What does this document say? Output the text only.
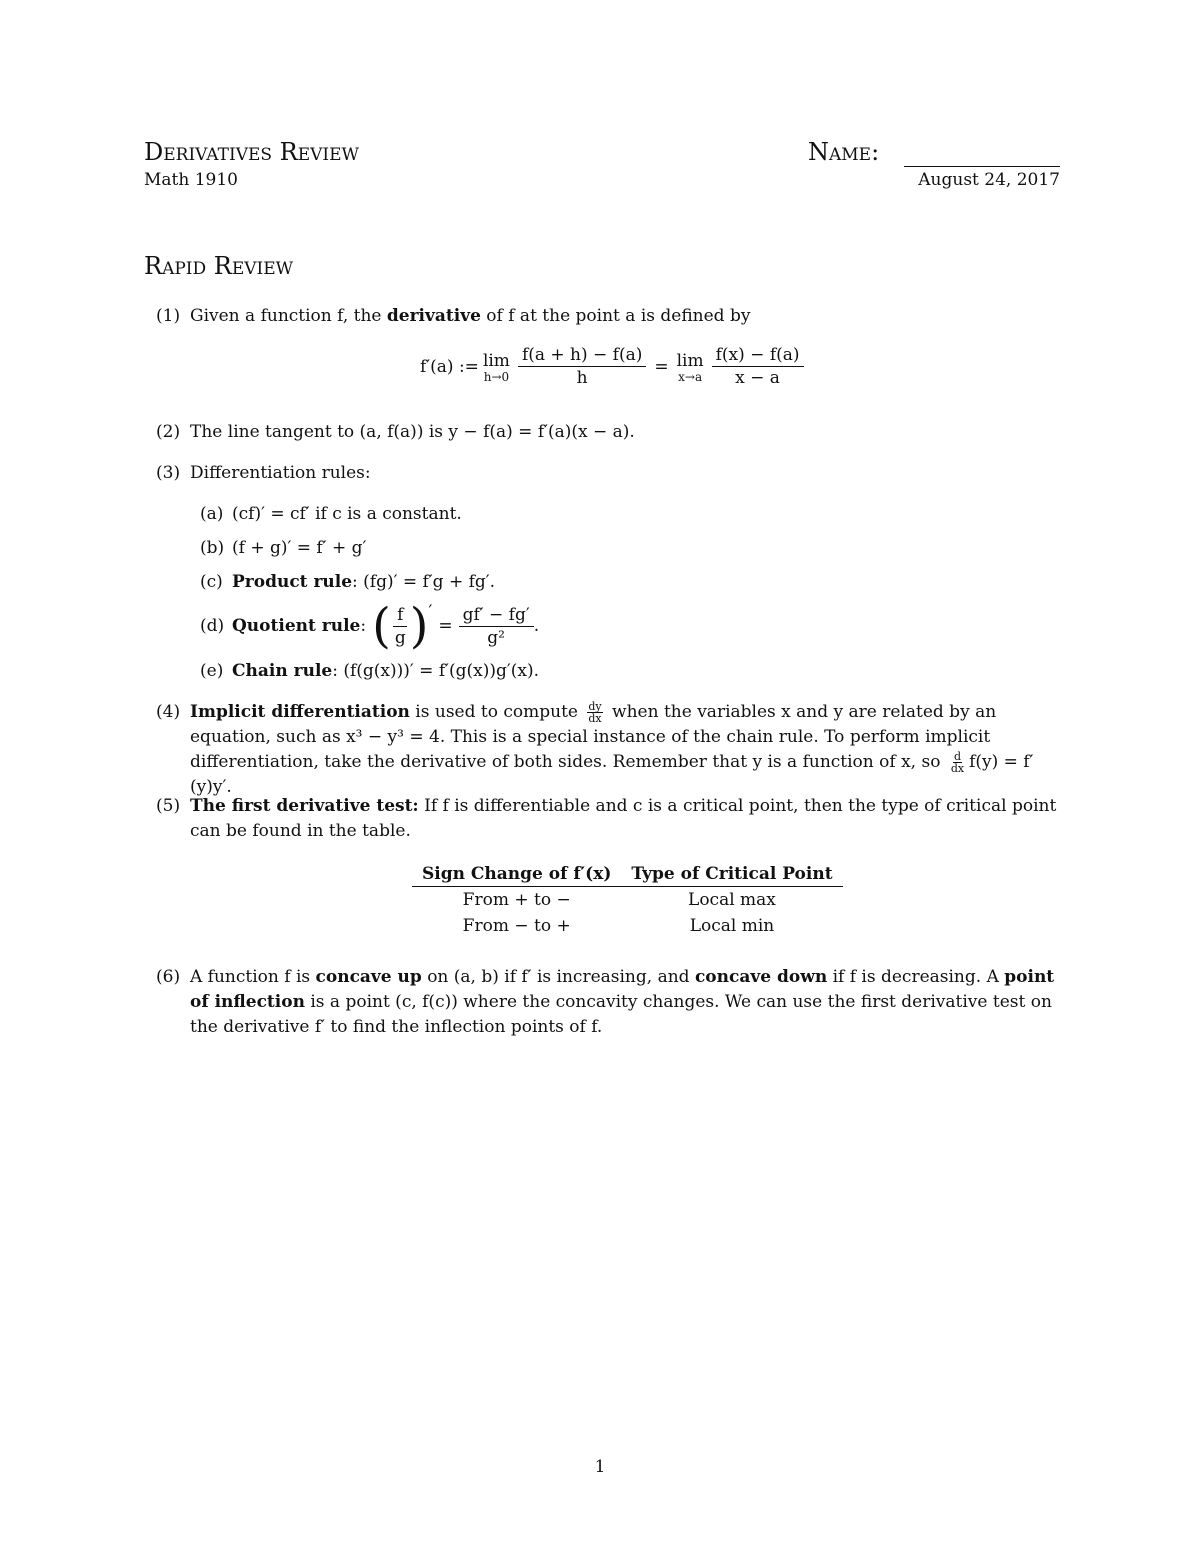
Derivatives Review	Name:
Math 1910	August 24, 2017
Rapid Review
(1) Given a function f, the derivative of f at the point a is defined by
f′(a) := lim
$h\to 0 \frac{f(a + h) - f(a)}{h} = \lim$
$x\to a \frac{f(x) - f(a)}{x - a}$
(2) The line tangent to (a, f(a)) is y − f(a) = f′(a)(x − a).
(3) Differentiation rules:
(a) (cf)′ = cf′ if c is a constant.
(b) (f + g)′ = f′ + g′
(c) Product rule: (fg)′ = f′g + fg′.
(d) Quotient rule : ( $\frac{f}{g}$ ) ′
= $\frac{gf' - fg'}{\text{g²}}$ .
(e) Chain rule: (f(g(x)))′ = f′(g(x))g′(x).
(4) Implicit differentiation is used to compute $\frac{dy}{dx}$ when the variables x and y are related by an equation, such as x³ − y³ = 4. This is a special instance of the chain rule. To perform implicit differentiation, take the derivative of both sides. Remember that y is a function of x, so $\frac{d}{dx} f(y) = f'(y)y'$.
(5) The first derivative test: If f is differentiable and c is a critical point, then the type of critical point can be found in the table.
Sign Change of f′(x)	Type of Critical Point
From + to −	Local max
From − to +	Local min
(6) A function f is concave up on (a, b) if f′ is increasing, and concave down if f is decreasing. A point of inflection is a point (c, f(c)) where the concavity changes. We can use the first derivative test on the derivative f′ to find the inflection points of f.
1
